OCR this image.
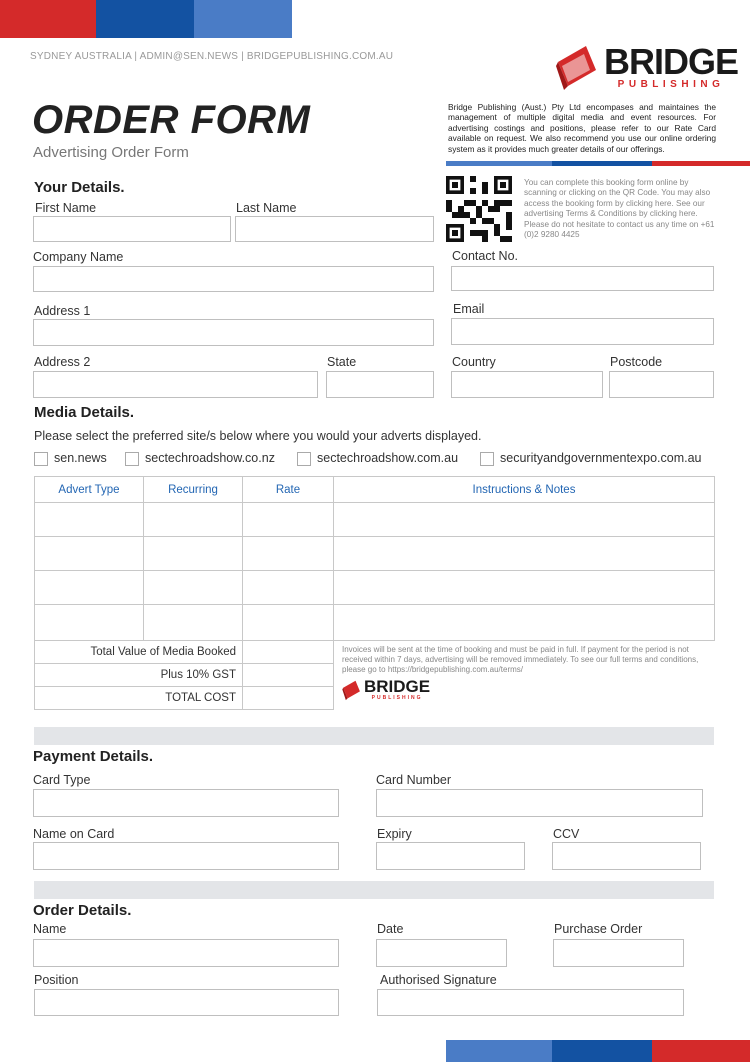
SYDNEY AUSTRALIA | ADMIN@SEN.NEWS | BRIDGEPUBLISHING.COM.AU
ORDER FORM
Advertising Order Form
BRIDGE
PUBLISHING
Bridge Publishing (Aust.) Pty Ltd encompases and maintaines the management of multiple digital media and event resources. For advertising costings and positions, please refer to our Rate Card available on request. We also recommend you use our online ordering system as it provides much greater details of our offerings.
You can complete this booking form online by scanning or clicking on the QR Code. You may also access the booking form by clicking here. See our advertising Terms & Conditions by clicking here. Please do not hesitate to contact us any time on +61 (0)2 9280 4425
Your Details.
First Name	Last Name
Company Name	Contact No.
Address 1	Email
Address 2	State	Country	Postcode
Media Details.
Please select the preferred site/s below where you would your adverts displayed.
sen.news	sectechroadshow.co.nz	sectechroadshow.com.au	securityandgovernmentexpo.com.au
Advert Type	Recurring	Rate	Instructions & Notes

Total Value of Media Booked			Invoices will be sent at the time of booking and must be paid in full. If payment for the period is not received within 7 days, advertising will be removed immediately. To see our full terms and conditions, please go to https://bridgepublishing.com.au/terms/
BRIDGE
PUBLISHING

Plus 10% GST			
TOTAL COST			
Payment Details.
Card Type	Card Number
Name on Card	Expiry	CCV
Order Details.
Name	Date	Purchase Order
Position	Authorised Signature
